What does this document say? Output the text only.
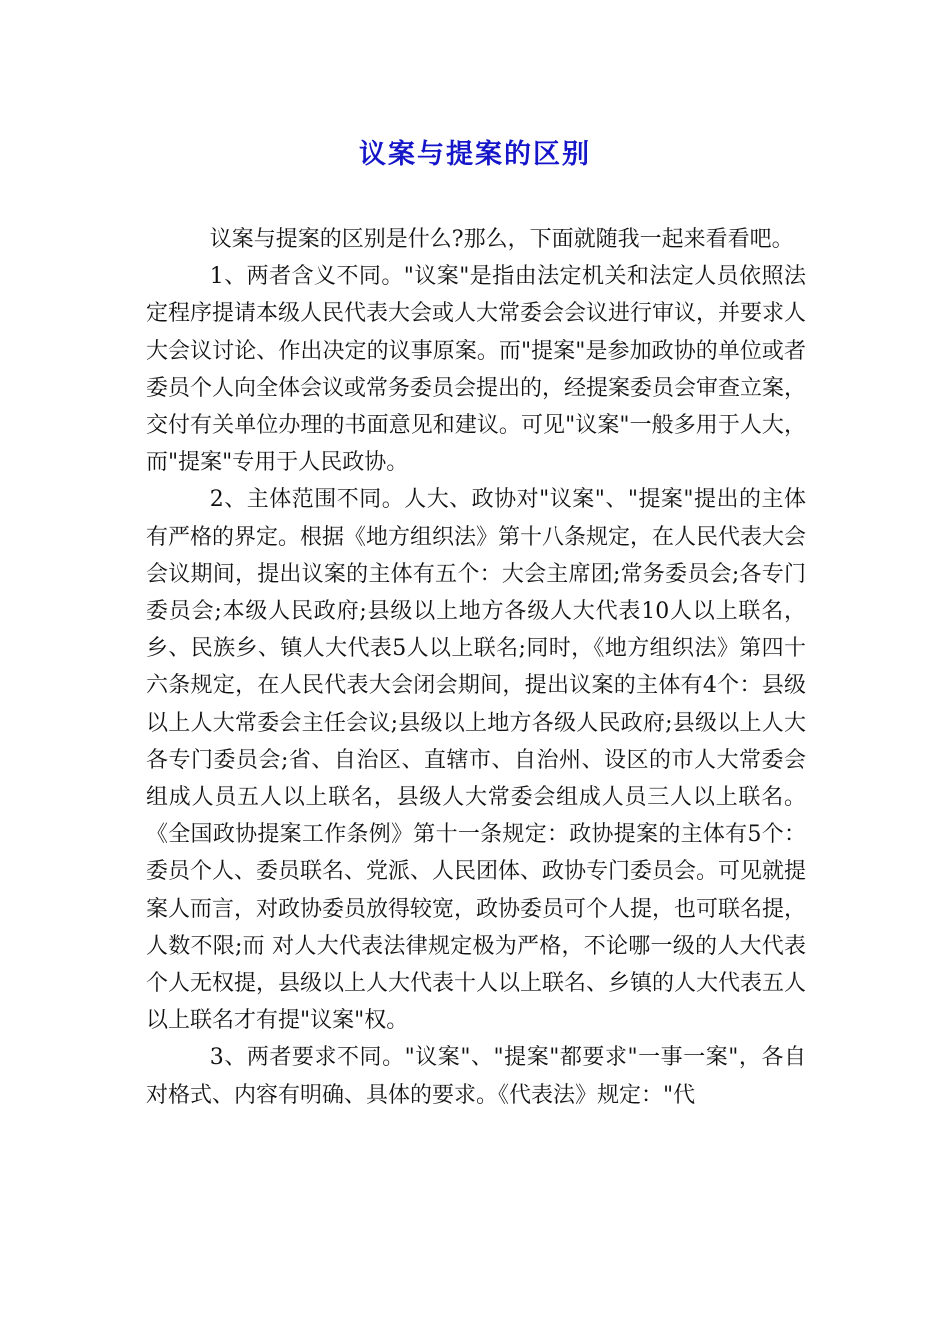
议案与提案的区别

议案与提案的区别是什么?那么，下面就随我一起来看看吧。

1、两者含义不同。"议案"是指由法定机关和法定人员依照法定程序提请本级人民代表大会或人大常委会会议进行审议，并要求人大会议讨论、作出决定的议事原案。而"提案"是参加政协的单位或者委员个人向全体会议或常务委员会提出的，经提案委员会审查立案，交付有关单位办理的书面意见和建议。可见"议案"一般多用于人大，而"提案"专用于人民政协。

2、主体范围不同。人大、政协对"议案"、"提案"提出的主体有严格的界定。根据《地方组织法》第十八条规定，在人民代表大会会议期间，提出议案的主体有五个：大会主席团;常务委员会;各专门委员会;本级人民政府;县级以上地方各级人大代表10人以上联名，乡、民族乡、镇人大代表5人以上联名;同时，《地方组织法》第四十六条规定，在人民代表大会闭会期间，提出议案的主体有4个：县级以上人大常委会主任会议;县级以上地方各级人民政府;县级以上人大各专门委员会;省、自治区、直辖市、自治州、设区的市人大常委会组成人员五人以上联名，县级人大常委会组成人员三人以上联名。《全国政协提案工作条例》第十一条规定：政协提案的主体有5个：委员个人、委员联名、党派、人民团体、政协专门委员会。可见就提案人而言，对政协委员放得较宽，政协委员可个人提，也可联名提，人数不限;而 对人大代表法律规定极为严格，不论哪一级的人大代表个人无权提，县级以上人大代表十人以上联名、乡镇的人大代表五人以上联名才有提"议案"权。

3、两者要求不同。"议案"、"提案"都要求"一事一案"，各自对格式、内容有明确、具体的要求。《代表法》规定："代
